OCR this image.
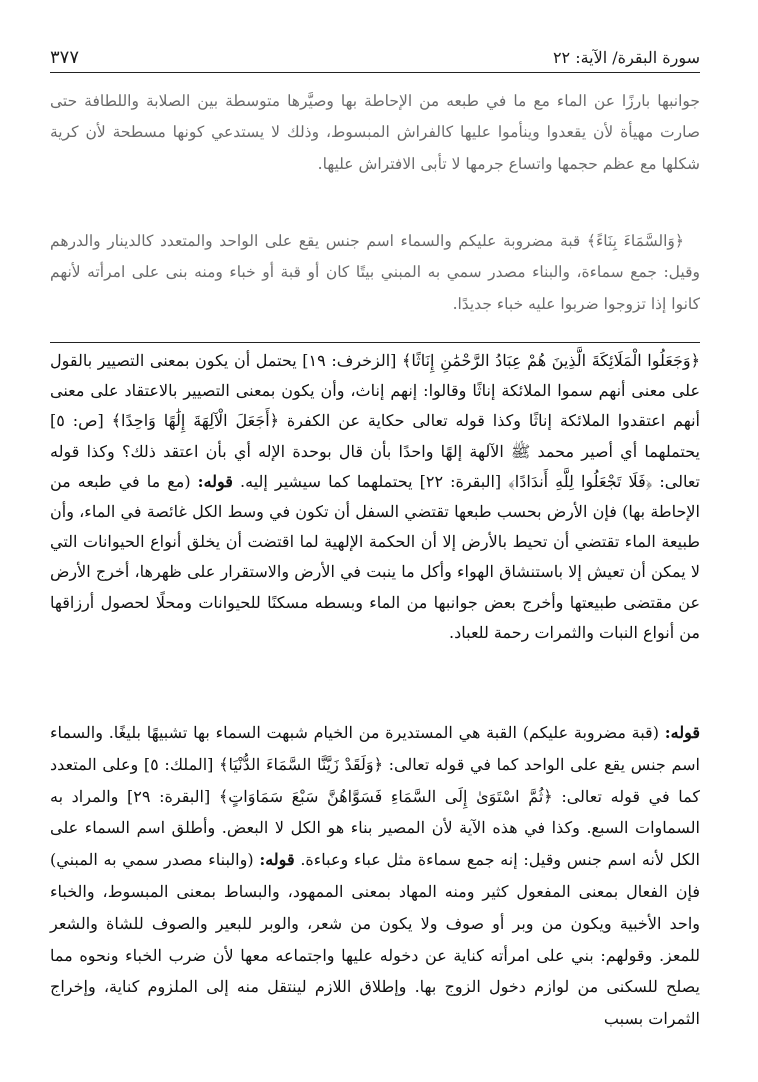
سورة البقرة/ الآية: ٢٢
٣٧٧

جوانبها بارزًا عن الماء مع ما في طبعه من الإحاطة بها وصيَّرها متوسطة بين الصلابة واللطافة حتى صارت مهيأة لأن يقعدوا وينأموا عليها كالفراش المبسوط، وذلك لا يستدعي كونها مسطحة لأن كرية شكلها مع عظم حجمها واتساع جرمها لا تأبى الافتراش عليها.

﴿وَالسَّمَاءَ بِنَاءً﴾ قبة مضروبة عليكم والسماء اسم جنس يقع على الواحد والمتعدد كالدينار والدرهم وقيل: جمع سماءة، والبناء مصدر سمي به المبني بيتًا كان أو قبة أو خباء ومنه بنى على امرأته لأنهم كانوا إذا تزوجوا ضربوا عليه خباء جديدًا.

﴿وَجَعَلُوا الْمَلَائِكَةَ الَّذِينَ هُمْ عِبَادُ الرَّحْمَٰنِ إِنَاثًا﴾ [الزخرف: ١٩] يحتمل أن يكون بمعنى التصيير بالقول على معنى أنهم سموا الملائكة إناثًا وقالوا: إنهم إناث، وأن يكون بمعنى التصيير بالاعتقاد على معنى أنهم اعتقدوا الملائكة إناثًا وكذا قوله تعالى حكاية عن الكفرة ﴿أَجَعَلَ الْآلِهَةَ إِلَٰهًا وَاحِدًا﴾ [ص: ٥] يحتملهما أي أصير محمد ﷺ الآلهة إلهًا واحدًا بأن قال بوحدة الإله أي بأن اعتقد ذلك؟ وكذا قوله تعالى: ﴿فَلَا تَجْعَلُوا لِلَّهِ أَندَادًا﴾ [البقرة: ٢٢] يحتملهما كما سيشير إليه. قوله: (مع ما في طبعه من الإحاطة بها) فإن الأرض بحسب طبعها تقتضي السفل أن تكون في وسط الكل غائصة في الماء، وأن طبيعة الماء تقتضي أن تحيط بالأرض إلا أن الحكمة الإلهية لما اقتضت أن يخلق أنواع الحيوانات التي لا يمكن أن تعيش إلا باستنشاق الهواء وأكل ما ينبت في الأرض والاستقرار على ظهرها، أخرج الأرض عن مقتضى طبيعتها وأخرج بعض جوانبها من الماء وبسطه مسكنًا للحيوانات ومحلًا لحصول أرزاقها من أنواع النبات والثمرات رحمة للعباد.

قوله: (قبة مضروبة عليكم) القبة هي المستديرة من الخيام شبهت السماء بها تشبيهًا بليغًا. والسماء اسم جنس يقع على الواحد كما في قوله تعالى: ﴿وَلَقَدْ زَيَّنَّا السَّمَاءَ الدُّنْيَا﴾ [الملك: ٥] وعلى المتعدد كما في قوله تعالى: ﴿ثُمَّ اسْتَوَىٰ إِلَى السَّمَاءِ فَسَوَّاهُنَّ سَبْعَ سَمَاوَاتٍ﴾ [البقرة: ٢٩] والمراد به السماوات السبع. وكذا في هذه الآية لأن المصير بناء هو الكل لا البعض. وأطلق اسم السماء على الكل لأنه اسم جنس وقيل: إنه جمع سماءة مثل عباء وعباءة. قوله: (والبناء مصدر سمي به المبني) فإن الفعال بمعنى المفعول كثير ومنه المهاد بمعنى الممهود، والبساط بمعنى المبسوط، والخباء واحد الأخبية ويكون من وبر أو صوف ولا يكون من شعر، والوبر للبعير والصوف للشاة والشعر للمعز. وقولهم: بني على امرأته كناية عن دخوله عليها واجتماعه معها لأن ضرب الخباء ونحوه مما يصلح للسكنى من لوازم دخول الزوج بها. وإطلاق اللازم لينتقل منه إلى الملزوم كناية، وإخراج الثمرات بسبب
